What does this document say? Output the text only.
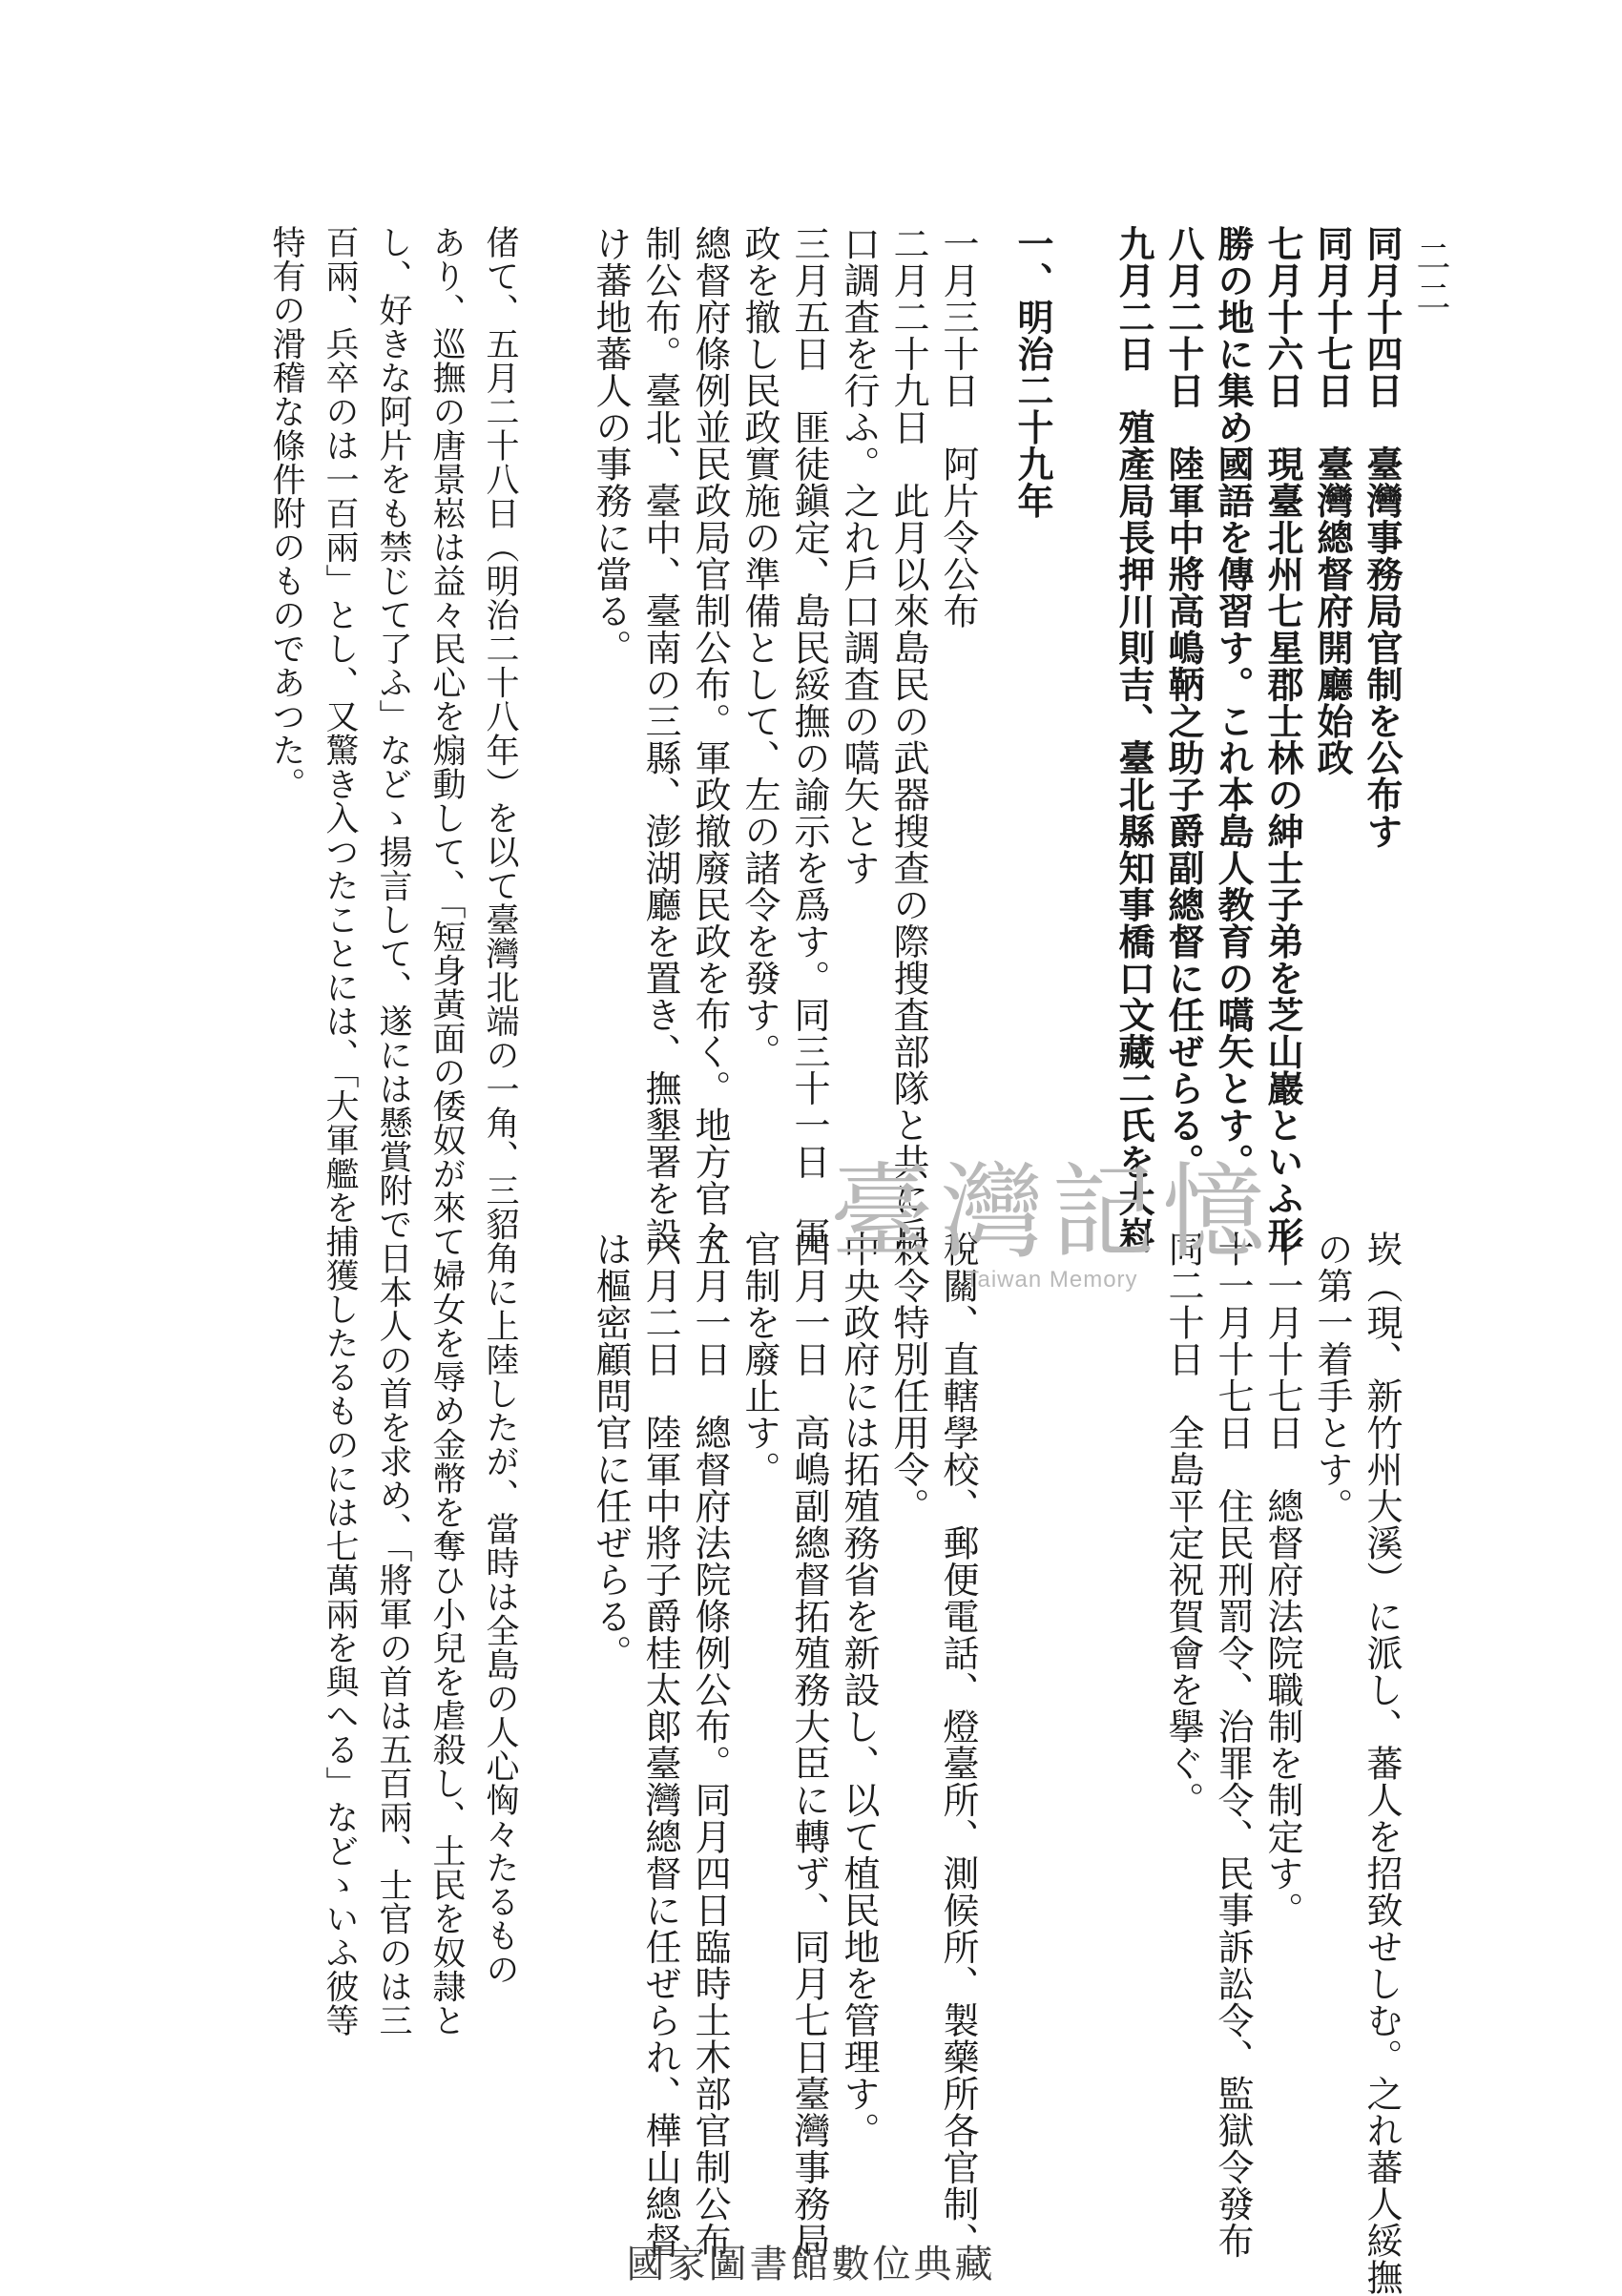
二二
同月十四日　臺灣事務局官制を公布す
同月十七日　臺灣總督府開廳始政
七月十六日　現臺北州七星郡士林の紳士子弟を芝山巖といふ形
勝の地に集め國語を傳習す。これ本島人教育の嚆矢とす。
八月二十日　陸軍中將高嶋鞆之助子爵副總督に任ぜらる。
九月二日　殖產局長押川則吉、臺北縣知事橋口文藏二氏を大嵙
崁（現、新竹州大溪）に派し、蕃人を招致せしむ。之れ蕃人綏撫
の第一着手とす。
十一月十七日　總督府法院職制を制定す。
十一月十七日　住民刑罰令、治罪令、民事訴訟令、監獄令發布
同二十日　全島平定祝賀會を擧ぐ。
一、明治二十九年
一月三十日　阿片令公布
二月二十九日　此月以來島民の武器搜查の際搜査部隊と共に戶
口調査を行ふ。之れ戶口調査の嚆矢とす
三月五日　匪徒鎭定、島民綏撫の諭示を爲す。同三十一日　軍
政を撤し民政實施の準備として、左の諸令を發す。
總督府條例並民政局官制公布。軍政撤廢民政を布く。地方官々
制公布。臺北、臺中、臺南の三縣、澎湖廳を置き、撫墾署を設
け蕃地蕃人の事務に當る。
稅關、直轄學校、郵便電話、燈臺所、測候所、製藥所各官制、
敕令特別任用令。
中央政府には拓殖務省を新設し、以て植民地を管理す。
四月一日　高嶋副總督拓殖務大臣に轉ず、同月七日臺灣事務局
官制を廢止す。
五月一日　總督府法院條例公布。同月四日臨時土木部官制公布。
六月二日　陸軍中將子爵桂太郞臺灣總督に任ぜられ、樺山總督
は樞密顧問官に任ぜらる。
偖て、五月二十八日（明治二十八年）を以て臺灣北端の一角、三貂角に上陸したが、當時は全島の人心恟々たるもの
あり、巡撫の唐景崧は益々民心を煽動して、「短身黃面の倭奴が來て婦女を辱め金幣を奪ひ小兒を虐殺し、土民を奴隷と
し、好きな阿片をも禁じて了ふ」などゝ揚言して、遂には懸賞附で日本人の首を求め、「將軍の首は五百兩、士官のは三
百兩、兵卒のは一百兩」とし、又驚き入つたことには、「大軍艦を捕獲したるものには七萬兩を與へる」などゝいふ彼等
特有の滑稽な條件附のものであつた。
臺灣記憶
Taiwan Memory
國家圖書館數位典藏
